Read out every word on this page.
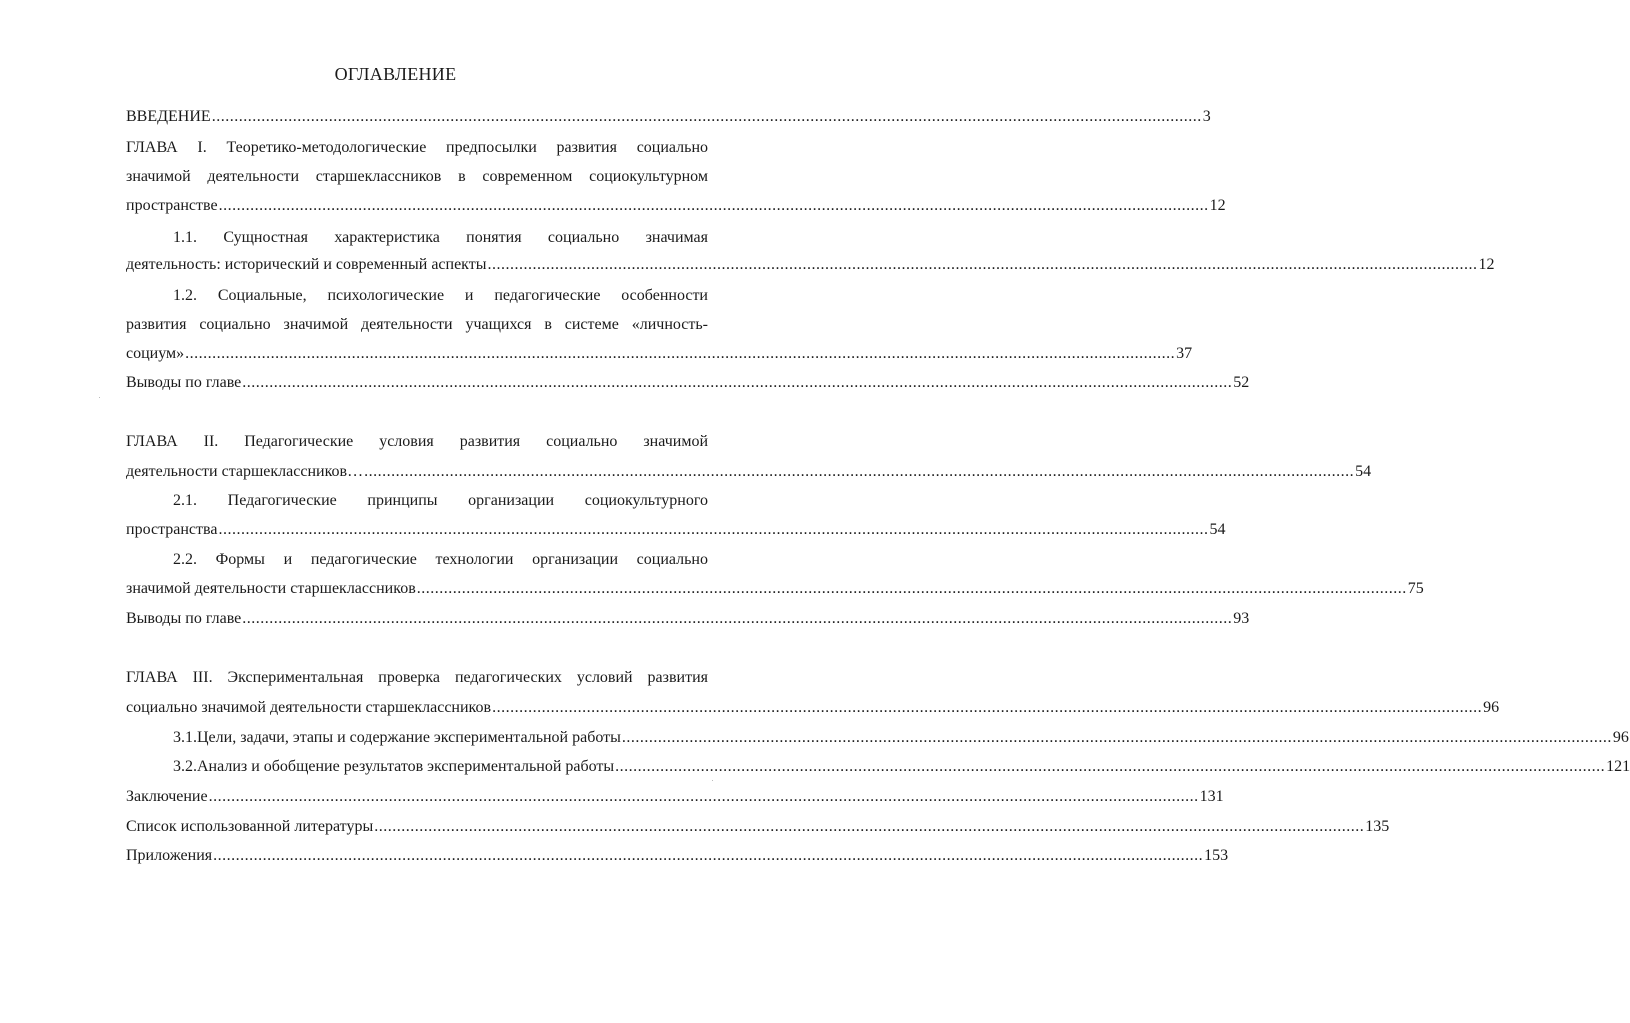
ОГЛАВЛЕНИЕ
ВВЕДЕНИЕ ............................................................................................................................................................................................................................ 3
ГЛАВА I. Теоретико-методологические предпосылки развития социально
значимой деятельности старшеклассников в современном социокультурном
пространстве ............................................................................................................................................................................................................................ 12
1.1. Сущностная характеристика понятия социально значимая
деятельность: исторический и современный аспекты ............................................................................................................................................................................................................................ 12
1.2. Социальные, психологические и педагогические особенности
развития социально значимой деятельности учащихся в системе «личность-
социум» ............................................................................................................................................................................................................................ 37
Выводы по главе ............................................................................................................................................................................................................................ 52
ГЛАВА II. Педагогические условия развития социально значимой
деятельности старшеклассников… ............................................................................................................................................................................................................................ 54
2.1. Педагогические принципы организации социокультурного
пространства ............................................................................................................................................................................................................................ 54
2.2. Формы и педагогические технологии организации социально
значимой деятельности старшеклассников ............................................................................................................................................................................................................................ 75
Выводы по главе ............................................................................................................................................................................................................................ 93
ГЛАВА III. Экспериментальная проверка педагогических условий развития
социально значимой деятельности старшеклассников ............................................................................................................................................................................................................................ 96
3.1.Цели, задачи, этапы и содержание экспериментальной работы ............................................................................................................................................................................................................................ 96
3.2.Анализ и обобщение результатов экспериментальной работы ............................................................................................................................................................................................................................ 121
Заключение ............................................................................................................................................................................................................................ 131
Список использованной литературы ............................................................................................................................................................................................................................ 135
Приложения ............................................................................................................................................................................................................................ 153
